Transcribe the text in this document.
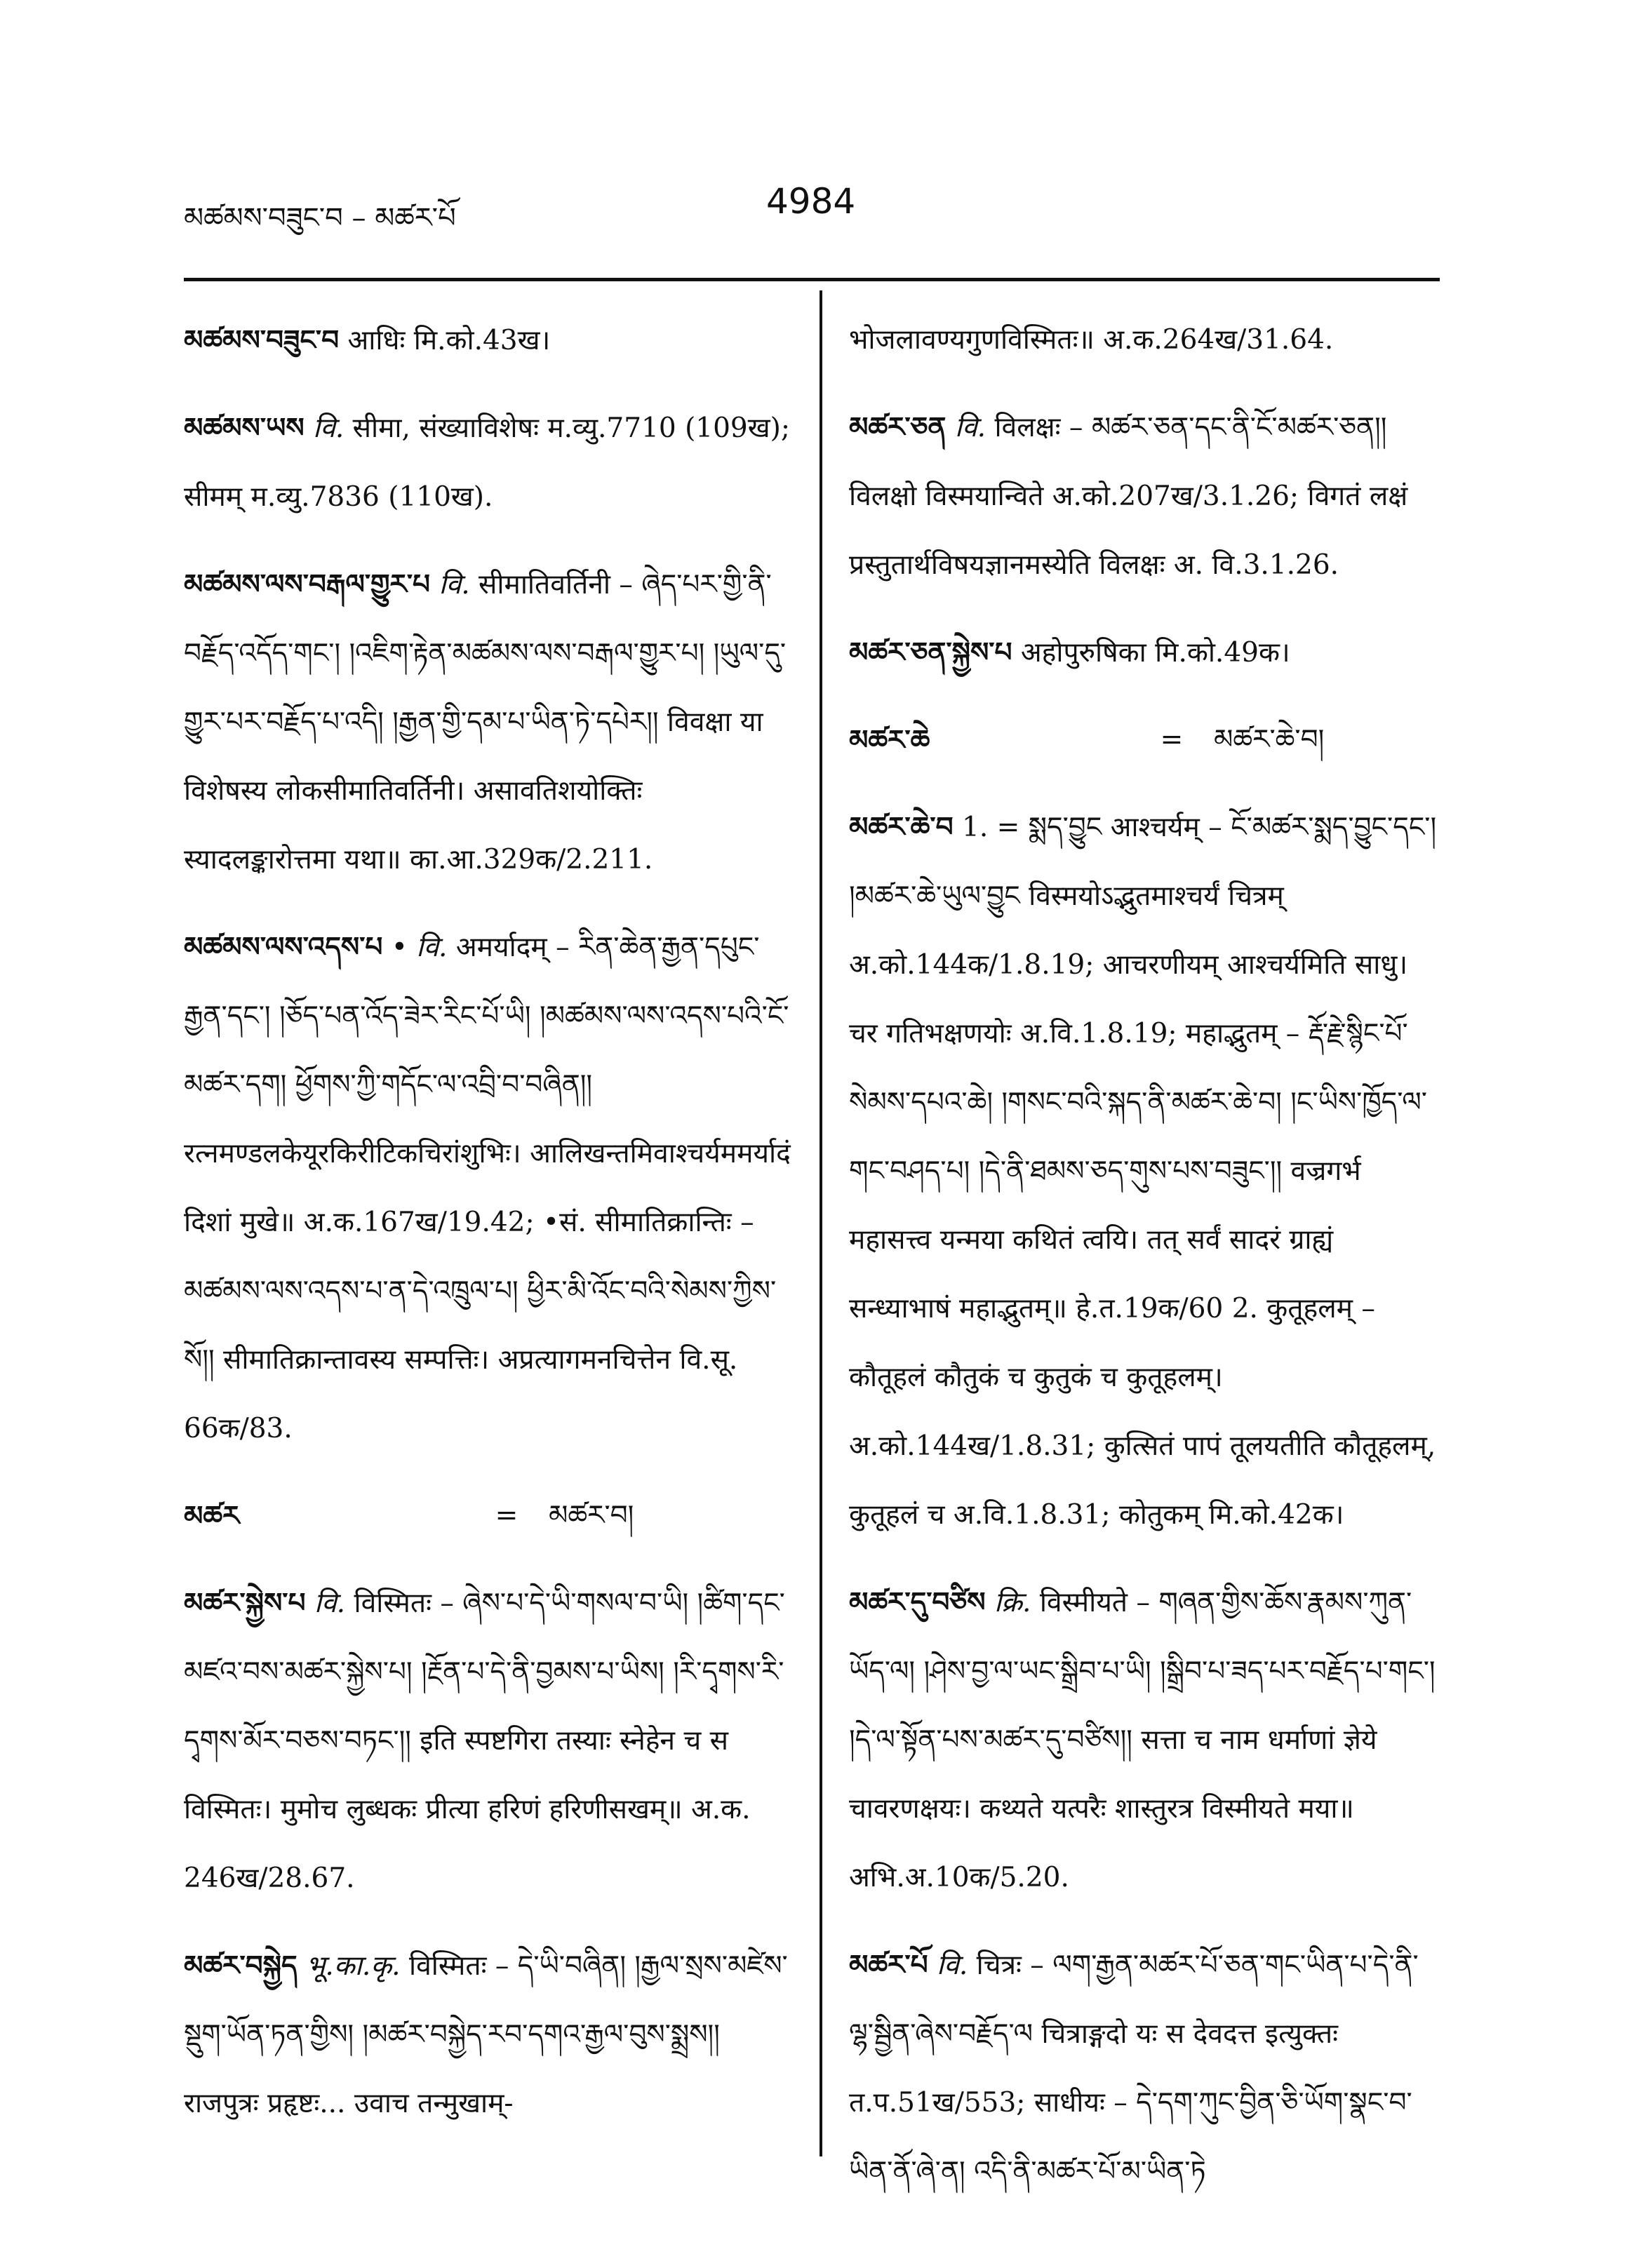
མཚམས་བཟུང་བ – མཚར་པོ	4984
མཚམས་བཟུང་བ आधिः मि.को.43ख।
མཚམས་ཡས वि. सीमा, संख्याविशेषः म.व्यु.7710 (109ख); सीमम् म.व्यु.7836 (110ख).
མཚམས་ལས་བརྒལ་གྱུར་པ वि. सीमातिवर्तिनी – ཞེད་པར་གྱི་ནི་བརྗོད་འདོད་གང་། །འཇིག་རྟེན་མཚམས་ལས་བརྒལ་གྱུར་པ། །ཡུལ་དུ་གྱུར་པར་བརྗོད་པ་འདི། །རྒྱན་གྱི་དམ་པ་ཡིན་ཏེ་དཔེར།། विवक्षा या विशेषस्य लोकसीमातिवर्तिनी। असावतिशयोक्तिः स्यादलङ्कारोत्तमा यथा॥ का.आ.329क/2.211.
མཚམས་ལས་འདས་པ • वि. अमर्यादम् – རིན་ཆེན་རྒྱན་དཔུང་རྒྱན་དང་། །ཅོད་པན་འོད་ཟེར་རིང་པོ་ཡི། །མཚམས་ལས་འདས་པའི་ངོ་མཚར་དག། ཕྱོགས་ཀྱི་གདོང་ལ་འབྲི་བ་བཞིན།། रत्नमण्डलकेयूरकिरीटिकचिरांशुभिः। आलिखन्तमिवाश्चर्यममर्यादं दिशां मुखे॥ अ.क.167ख/19.42; •सं. सीमातिक्रान्तिः – མཚམས་ལས་འདས་པ་ན་དེ་འཁྲུལ་པ། ཕྱིར་མི་འོང་བའི་སེམས་ཀྱིས་སོ།། सीमातिक्रान्तावस्य सम्पत्तिः। अप्रत्यागमनचित्तेन वि.सू. 66क/83.
མཚར	=	མཚར་བ།
མཚར་སྐྱེས་པ वि. विस्मितः – ཞེས་པ་དེ་ཡི་གསལ་བ་ཡི། །ཚིག་དང་མཛའ་བས་མཚར་སྐྱེས་པ། །རྔོན་པ་དེ་ནི་བྱམས་པ་ཡིས། །རི་དྭགས་རི་དྭགས་མོར་བཅས་བཏང་།། इति स्पष्टगिरा तस्याः स्नेहेन च स विस्मितः। मुमोच लुब्धकः प्रीत्या हरिणं हरिणीसखम्॥ अ.क. 246ख/28.67.
མཚར་བསྐྱེད भू.का.कृ. विस्मितः – དེ་ཡི་བཞིན། །རྒྱལ་སྲས་མཛེས་སྡུག་ཡོན་ཏན་གྱིས། །མཚར་བསྐྱེད་རབ་དགའ་རྒྱལ་བུས་སྨྲས།། राजपुत्रः प्रहृष्टः... उवाच तन्मुखाम्-
भोजलावण्यगुणविस्मितः॥ अ.क.264ख/31.64.
མཚར་ཅན वि. विलक्षः – མཚར་ཅན་དང་ནི་ངོ་མཚར་ཅན།། विलक्षो विस्मयान्विते अ.को.207ख/3.1.26; विगतं लक्षं प्रस्तुतार्थविषयज्ञानमस्येति विलक्षः अ. वि.3.1.26.
མཚར་ཅན་སྐྱེས་པ अहोपुरुषिका मि.को.49क।
མཚར་ཆེ	=	མཚར་ཆེ་བ།
མཚར་ཆེ་བ 1. = སྨད་བྱུང आश्चर्यम् – ངོ་མཚར་སྨད་བྱུང་དང་། །མཚར་ཆེ་ཡུལ་བྱུང विस्मयोऽद्भुतमाश्चर्यं चित्रम् अ.को.144क/1.8.19; आचरणीयम् आश्चर्यमिति साधु। चर गतिभक्षणयोः अ.वि.1.8.19; महाद्भुतम् – རྡོ་རྗེ་སྙིང་པོ་སེམས་དཔའ་ཆེ། །གསང་བའི་སྐད་ནི་མཚར་ཆེ་བ། །ང་ཡིས་ཁྱོད་ལ་གང་བཤད་པ། །དེ་ནི་ཐམས་ཅད་གུས་པས་བཟུང་།། वज्रगर्भ महासत्त्व यन्मया कथितं त्वयि। तत् सर्वं सादरं ग्राह्यं सन्ध्याभाषं महाद्भुतम्॥ हे.त.19क/60 2. कुतूहलम् – कौतूहलं कौतुकं च कुतुकं च कुतूहलम्। अ.को.144ख/1.8.31; कुत्सितं पापं तूलयतीति कौतूहलम्, कुतूहलं च अ.वि.1.8.31; कोतुकम् मि.को.42क।
མཚར་དུ་བཙིས क्रि. विस्मीयते – གཞན་གྱིས་ཆོས་རྣམས་ཀུན་ཡོད་ལ། །ཤེས་བྱ་ལ་ཡང་སྒྲིབ་པ་ཡི། །སྒྲིབ་པ་ཟད་པར་བརྗོད་པ་གང་། །དེ་ལ་སྟོན་པས་མཚར་དུ་བཙིས།། सत्ता च नाम धर्माणां ज्ञेये चावरणक्षयः। कथ्यते यत्परैः शास्तुरत्र विस्मीयते मया॥ अभि.अ.10क/5.20.
མཚར་པོ वि. चित्रः – ལག་རྒྱན་མཚར་པོ་ཅན་གང་ཡིན་པ་དེ་ནི་ལྷ་སྦྱིན་ཞེས་བརྗོད་ལ चित्राङ्गदो यः स देवदत्त इत्युक्तः त.प.51ख/553; साधीयः – དེ་དག་ཀུང་བྱིན་ཅི་ཡོག་སྣང་བ་ཡིན་ནོ་ཞེ་ན། འདི་ནི་མཚར་པོ་མ་ཡིན་ཏེ
